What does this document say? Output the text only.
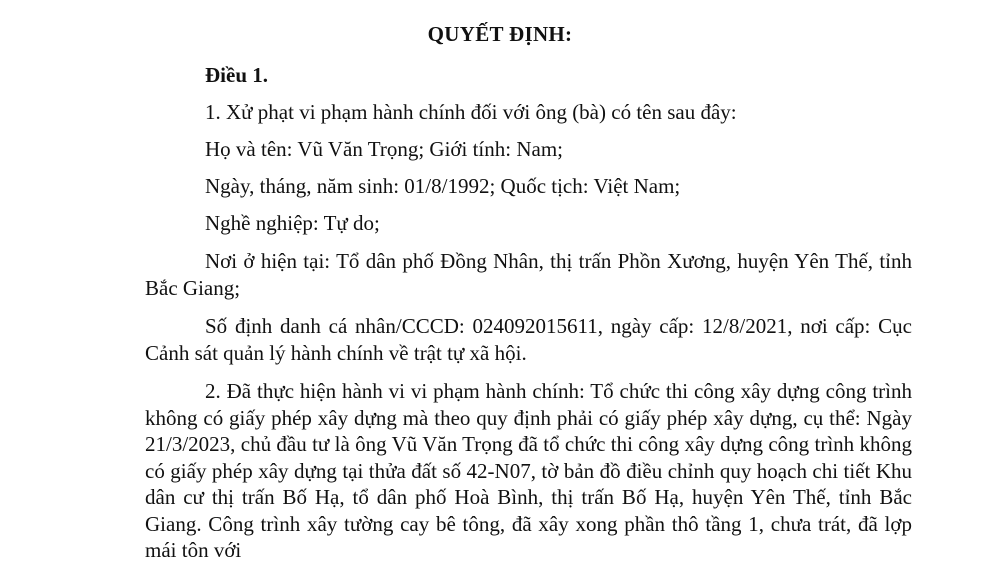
QUYẾT ĐỊNH:
Điều 1.
1. Xử phạt vi phạm hành chính đối với ông (bà) có tên sau đây:
Họ và tên: Vũ Văn Trọng; Giới tính: Nam;
Ngày, tháng, năm sinh: 01/8/1992; Quốc tịch: Việt Nam;
Nghề nghiệp: Tự do;
Nơi ở hiện tại: Tổ dân phố Đồng Nhân, thị trấn Phồn Xương, huyện Yên Thế, tỉnh Bắc Giang;
Số định danh cá nhân/CCCD: 024092015611, ngày cấp: 12/8/2021, nơi cấp: Cục Cảnh sát quản lý hành chính về trật tự xã hội.
2. Đã thực hiện hành vi vi phạm hành chính: Tổ chức thi công xây dựng công trình không có giấy phép xây dựng mà theo quy định phải có giấy phép xây dựng, cụ thể: Ngày 21/3/2023, chủ đầu tư là ông Vũ Văn Trọng đã tổ chức thi công xây dựng công trình không có giấy phép xây dựng tại thửa đất số 42-N07, tờ bản đồ điều chỉnh quy hoạch chi tiết Khu dân cư thị trấn Bố Hạ, tổ dân phố Hoà Bình, thị trấn Bố Hạ, huyện Yên Thế, tỉnh Bắc Giang. Công trình xây tường cay bê tông, đã xây xong phần thô tầng 1, chưa trát, đã lợp mái tôn với
